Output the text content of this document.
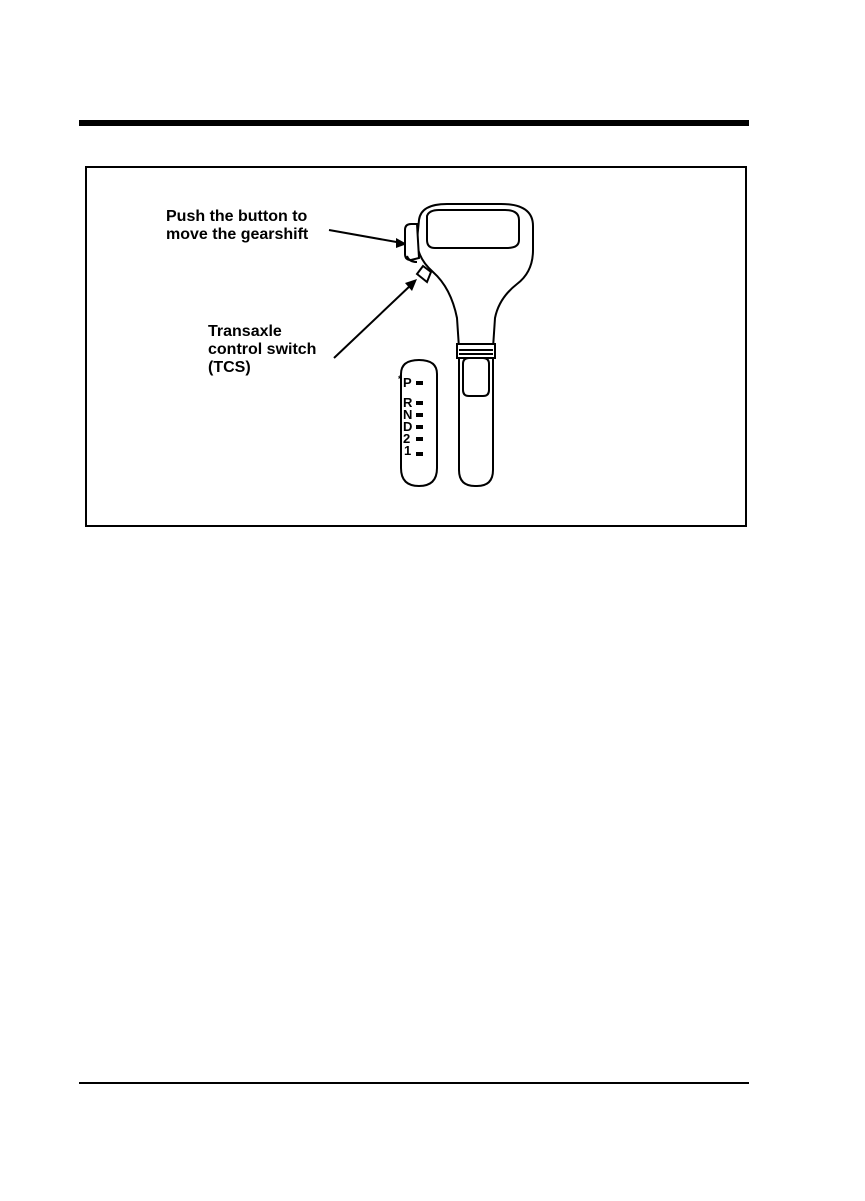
* P
R
N
D
2
1
Push the button to
move the gearshift
Transaxle
control switch
(TCS)
